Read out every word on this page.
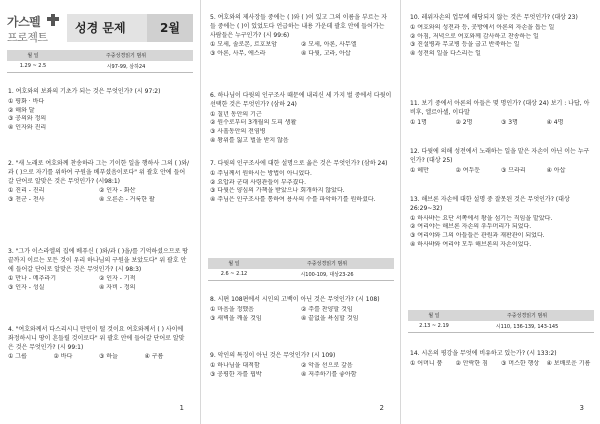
가스펠
프로젝트
성경 문제	2월
월 일	주중성경읽기 범위
1.29 ~ 2.5	시97-99, 삼하24
1. 여호와의 보좌의 기초가 되는 것은 무엇인가? (시 97:2)
① 평화 · 바다
② 해와 달
③ 공의와 정의
④ 인자와 진리
2. "새 노래로 여호와께 찬송하라 그는 기이한 일을 행하사 그의 ( )와/과 ( )으로 자기를 위하여 구원을 베푸셨음이로다" 위 괄호 안에 들어갈 단어로 알맞은 것은 무엇인가? (시98:1)
① 진리 - 진리	② 인자 - 화산
③ 천군 - 천사	④ 오른손 - 거룩한 팔
3. "그가 이스라엘의 집에 베푸신 ( )와/과 ( )을/를 기억하셨으므로 땅 끝까지 이르는 모든 것이 우리 하나님의 구원을 보았도다" 위 괄호 안에 들어갈 단어로 알맞은 것은 무엇인가? (시 98:3)
① 만나 - 메추라기	② 인자 - 기적
③ 인자 - 성실	④ 자비 - 정의
4. "여호와께서 다스리시니 만민이 떨 것이요 여호와께서 ( ) 사이에 좌정하시니 땅이 흔들릴 것이로다" 위 괄호 안에 들어갈 단어로 알맞은 것은 무엇인가? (시 99:1)
① 그룹	② 바다	③ 하늘	④ 구름
1
5. 여호와의 제사장들 중에는 ( )와 ( )이 있고 그의 이름을 부르는 자들 중에는 ( )이 있었도다 언급하는 내용 가운데 괄호 안에 들어가는 사람들은 누구인가? (시 99:6)
① 모세, 솔로몬, 르호보암	② 모세, 아론, 사무엘
③ 아론, 사무, 에스라	④ 다윗, 고라, 아삽
6. 하나님이 다윗의 인구조사 때문에 내리신 세 가지 벌 중에서 다윗이 선택한 것은 무엇인가? (삼하 24)
① 칠년 동안의 기근
② 원수로부터 3개월의 도피 생활
③ 사흘동안의 전염병
④ 왕위를 잃고 벌을 받지 않음
7. 다윗의 인구조사에 대한 설명으로 옳은 것은 무엇인가? (삼하 24)
① 주님께서 원하시는 방법이 아니었다.
② 요압과 군대 사령관들이 부추겼다.
③ 다윗은 양심의 가책을 받았으나 회개하지 않았다.
④ 주님은 인구조사를 통하여 용사의 수를 파악하기를 원하셨다.
월 일	주중성경읽기 범위
2.6 ~ 2.12	시100-109, 대상23-26
8. 시편 108편에서 시인의 고백이 아닌 것은 무엇인가? (시 108)
① 마음을 정했음	② 주를 찬양할 것임
③ 새벽을 깨울 것임	④ 끝없을 욕심할 것임
9. 악인의 특징이 아닌 것은 무엇인가? (시 109)
① 하나님을 대적함	② 악을 선으로 갚음
③ 공평한 자를 핍박	④ 저주하기를 좋아함
2
10. 레위자손의 업무에 해당되지 않는 것은 무엇인가? (대상 23)
① 여호와의 성전과 등, 곳방에서 아론의 자손을 돕는 일
② 아침, 저녁으로 여호와께 감사하고 찬송하는 일
③ 진설병과 무교병 등을 굽고 반죽하는 일
④ 성전의 일을 다스리는 일
11. 보기 중에서 아론의 아들은 몇 명인가? (대상 24) 보기 : 나답, 아비후, 엘르아셀, 이다말
① 1명	② 2명	③ 3명	④ 4명
12. 다윗에 의해 성전에서 노래하는 일을 맡은 자손이 아닌 이는 누구인가? (대상 25)
① 헤만	② 여두둔	③ 므라리	④ 아삽
13. 해브론 자손에 대한 설명 중 잘못된 것은 무엇인가? (대상 26:29~32)
① 하사뱌는 요단 서쪽에서 왕을 섬기는 직임을 맡았다.
② 여리야는 해브론 자손의 우두머리가 되었다.
③ 여리야와 그의 아들들은 관원과 재판관이 되었다.
④ 하사뱌와 여리야 모두 해브론의 자손이었다.
월 일	주중성경읽기 범위
2.13 ~ 2.19	시110, 136-139, 143-145
14. 시온의 평강을 무엇에 비유하고 있는가? (시 133:2)
① 어머니 품	② 안락한 침	③ 머스한 행상	④ 보배로운 기름
3
